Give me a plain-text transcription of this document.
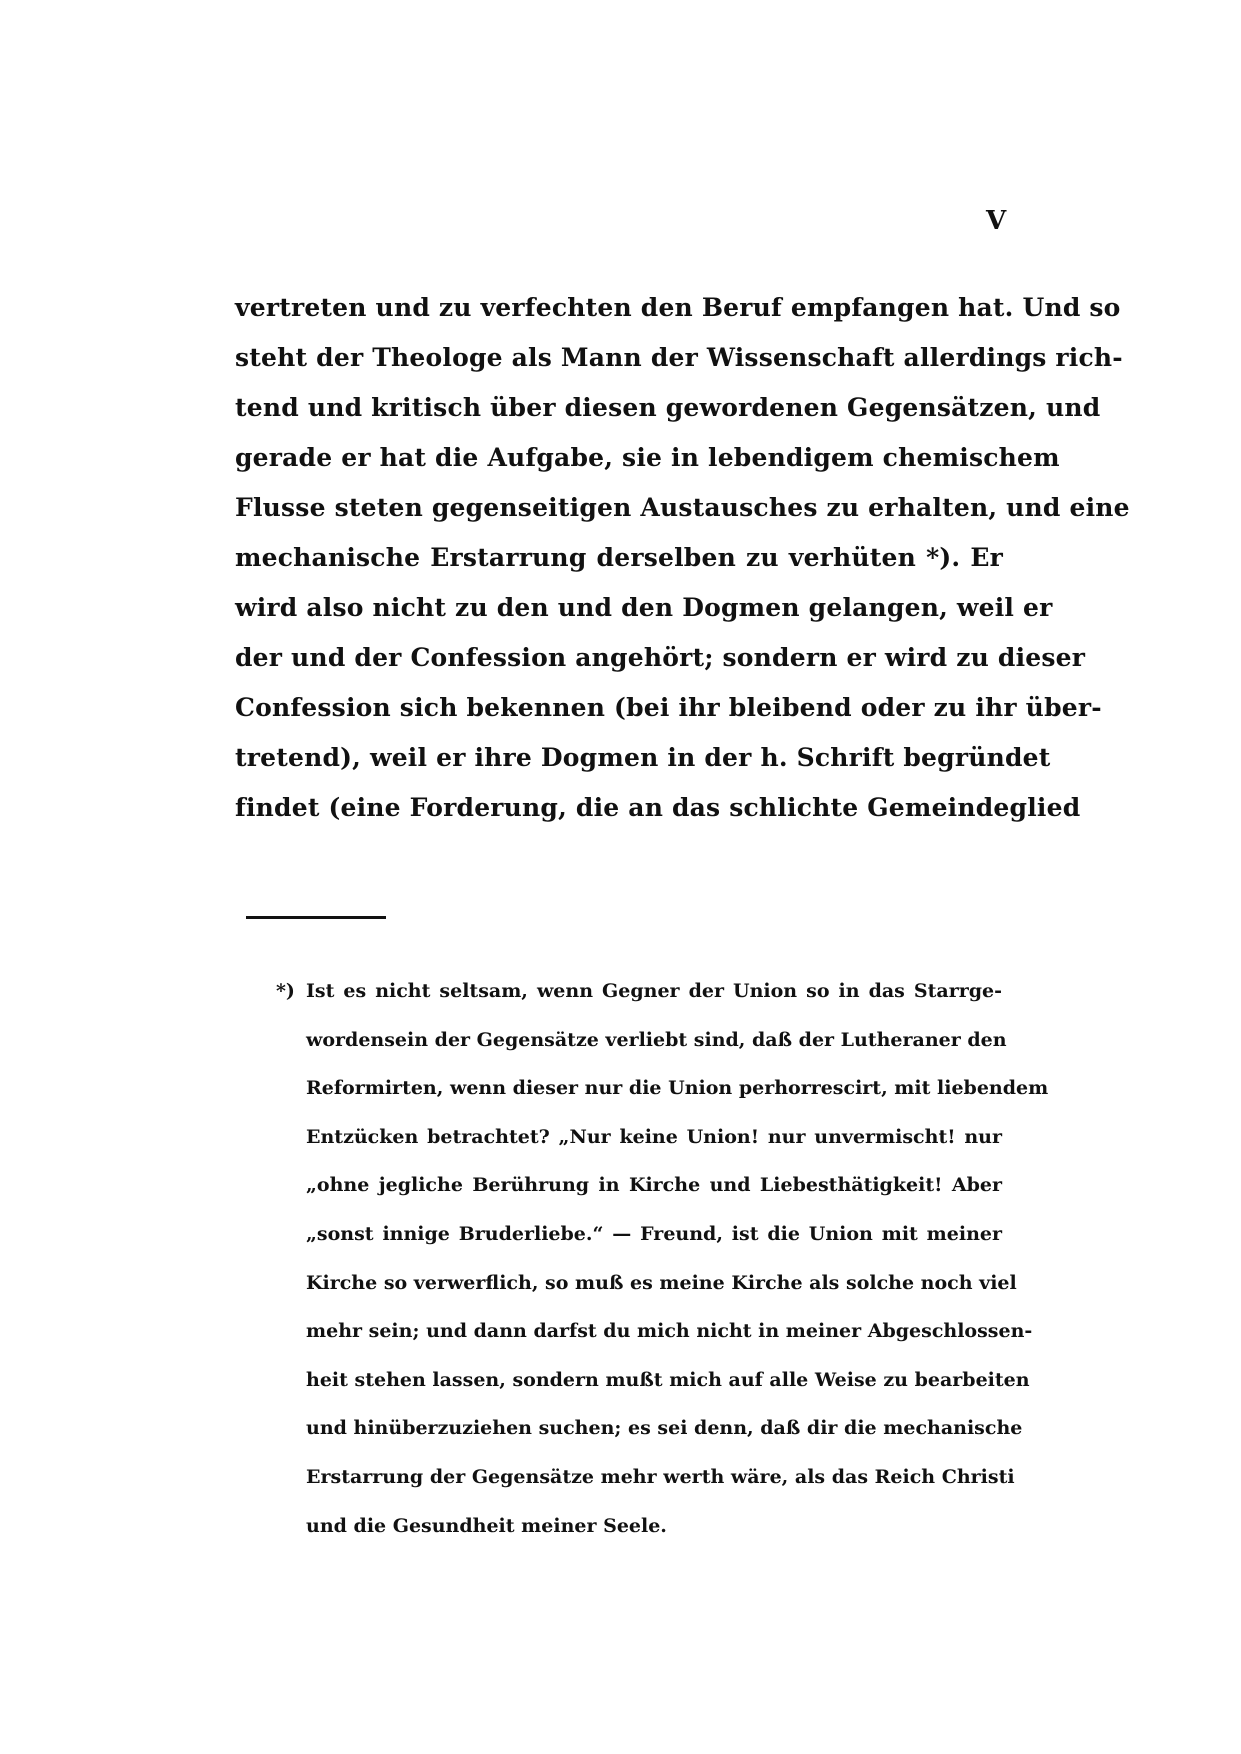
V
vertreten und zu verfechten den Beruf empfangen hat. Und so
steht der Theologe als Mann der Wissenschaft allerdings rich-
tend und kritisch über diesen gewordenen Gegensätzen, und
gerade er hat die Aufgabe, sie in lebendigem chemischem
Flusse steten gegenseitigen Austausches zu erhalten, und eine
mechanische Erstarrung derselben zu verhüten *). Er
wird also nicht zu den und den Dogmen gelangen, weil er
der und der Confession angehört; sondern er wird zu dieser
Confession sich bekennen (bei ihr bleibend oder zu ihr über-
tretend), weil er ihre Dogmen in der h. Schrift begründet
findet (eine Forderung, die an das schlichte Gemeindeglied
*) Ist es nicht seltsam, wenn Gegner der Union so in das Starrge-
wordensein der Gegensätze verliebt sind, daß der Lutheraner den
Reformirten, wenn dieser nur die Union perhorrescirt, mit liebendem
Entzücken betrachtet? „Nur keine Union! nur unvermischt! nur
„ohne jegliche Berührung in Kirche und Liebesthätigkeit! Aber
„sonst innige Bruderliebe.“ — Freund, ist die Union mit meiner
Kirche so verwerflich, so muß es meine Kirche als solche noch viel
mehr sein; und dann darfst du mich nicht in meiner Abgeschlossen-
heit stehen lassen, sondern mußt mich auf alle Weise zu bearbeiten
und hinüberzuziehen suchen; es sei denn, daß dir die mechanische
Erstarrung der Gegensätze mehr werth wäre, als das Reich Christi
und die Gesundheit meiner Seele.
